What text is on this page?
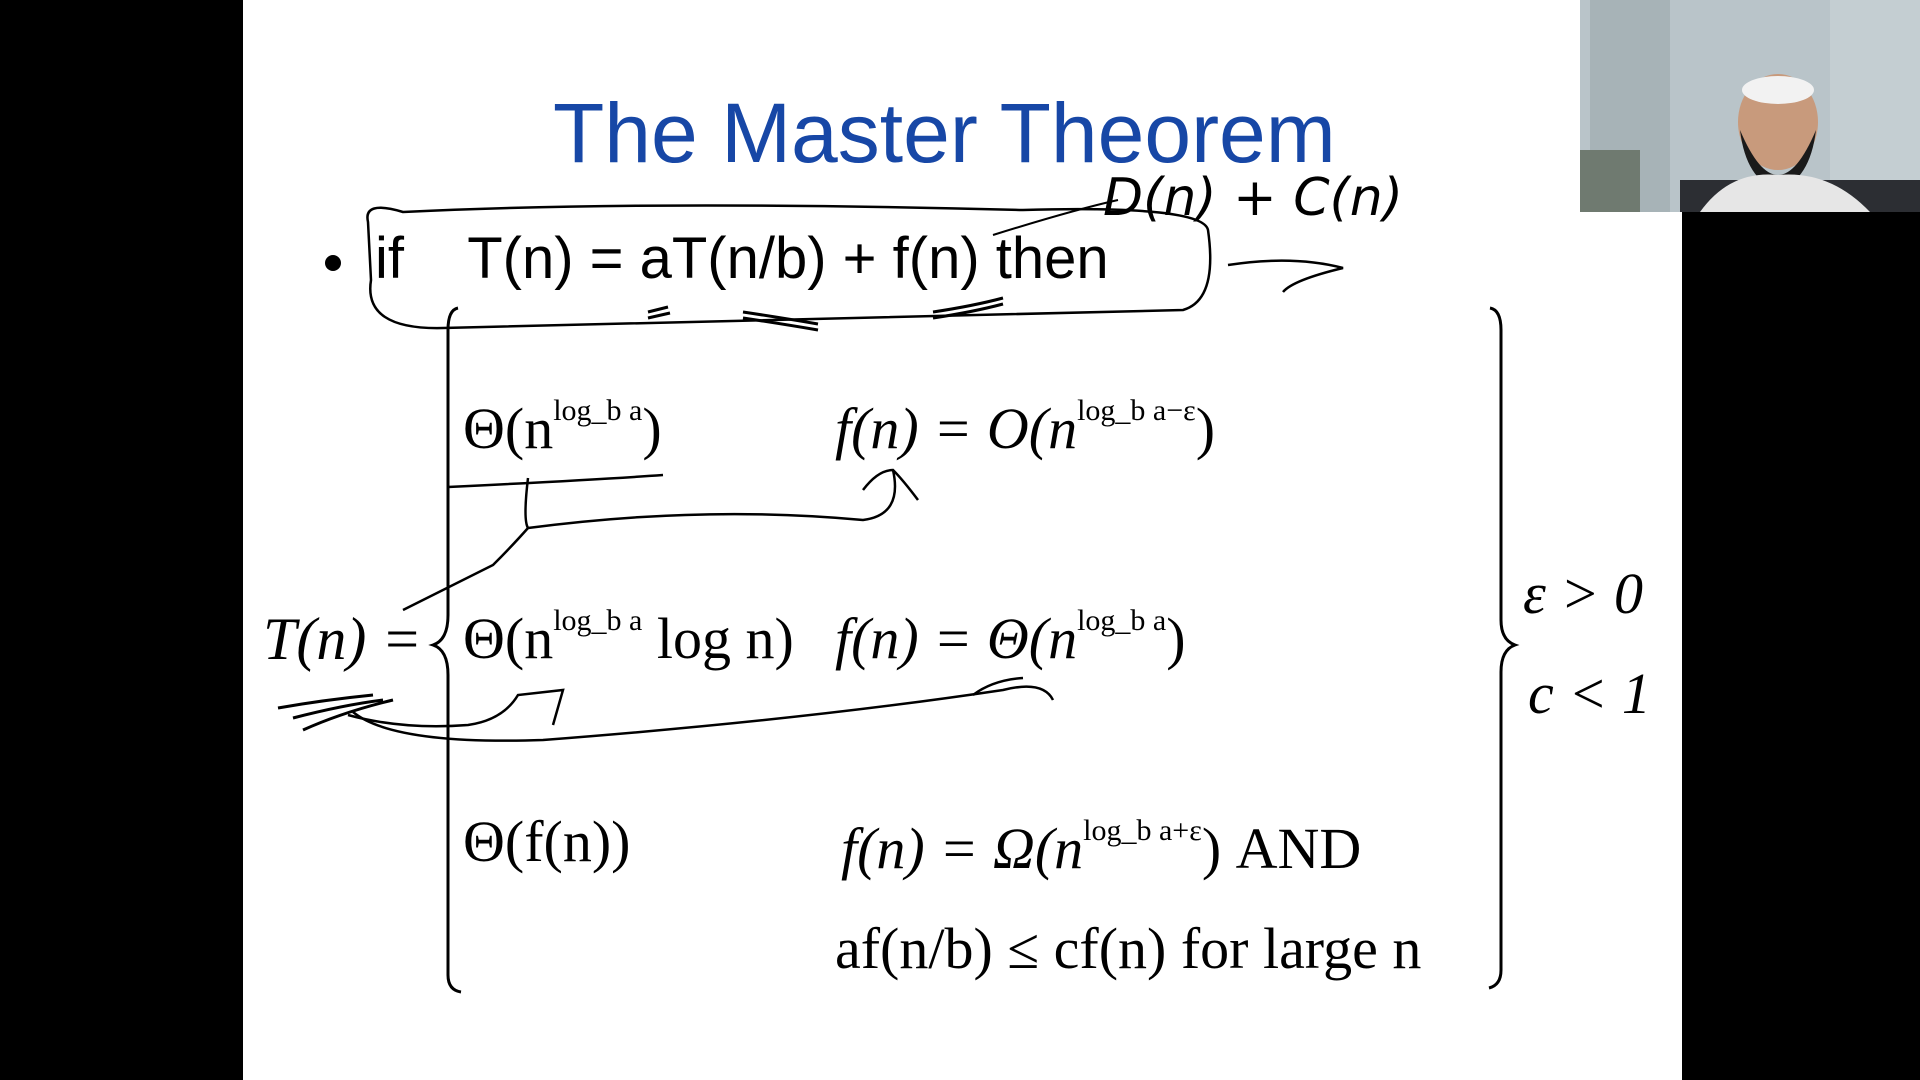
The Master Theorem
if T(n) = aT(n/b) + f(n) then
T(n) =
$\Theta(n^{log\_b a})$	$f(n) = O(n^{log\_b a-\varepsilon})$
$\Theta(n^{log\_b a}$ log n) $f(n) = \Theta(n^{log\_b a})$
Θ(f(n))	$f(n) = \Omega(n^{log\_b a+\varepsilon})$ AND
af(n/b) ≤ cf(n) for large n
ε > 0
c < 1
D(n) + C(n)
